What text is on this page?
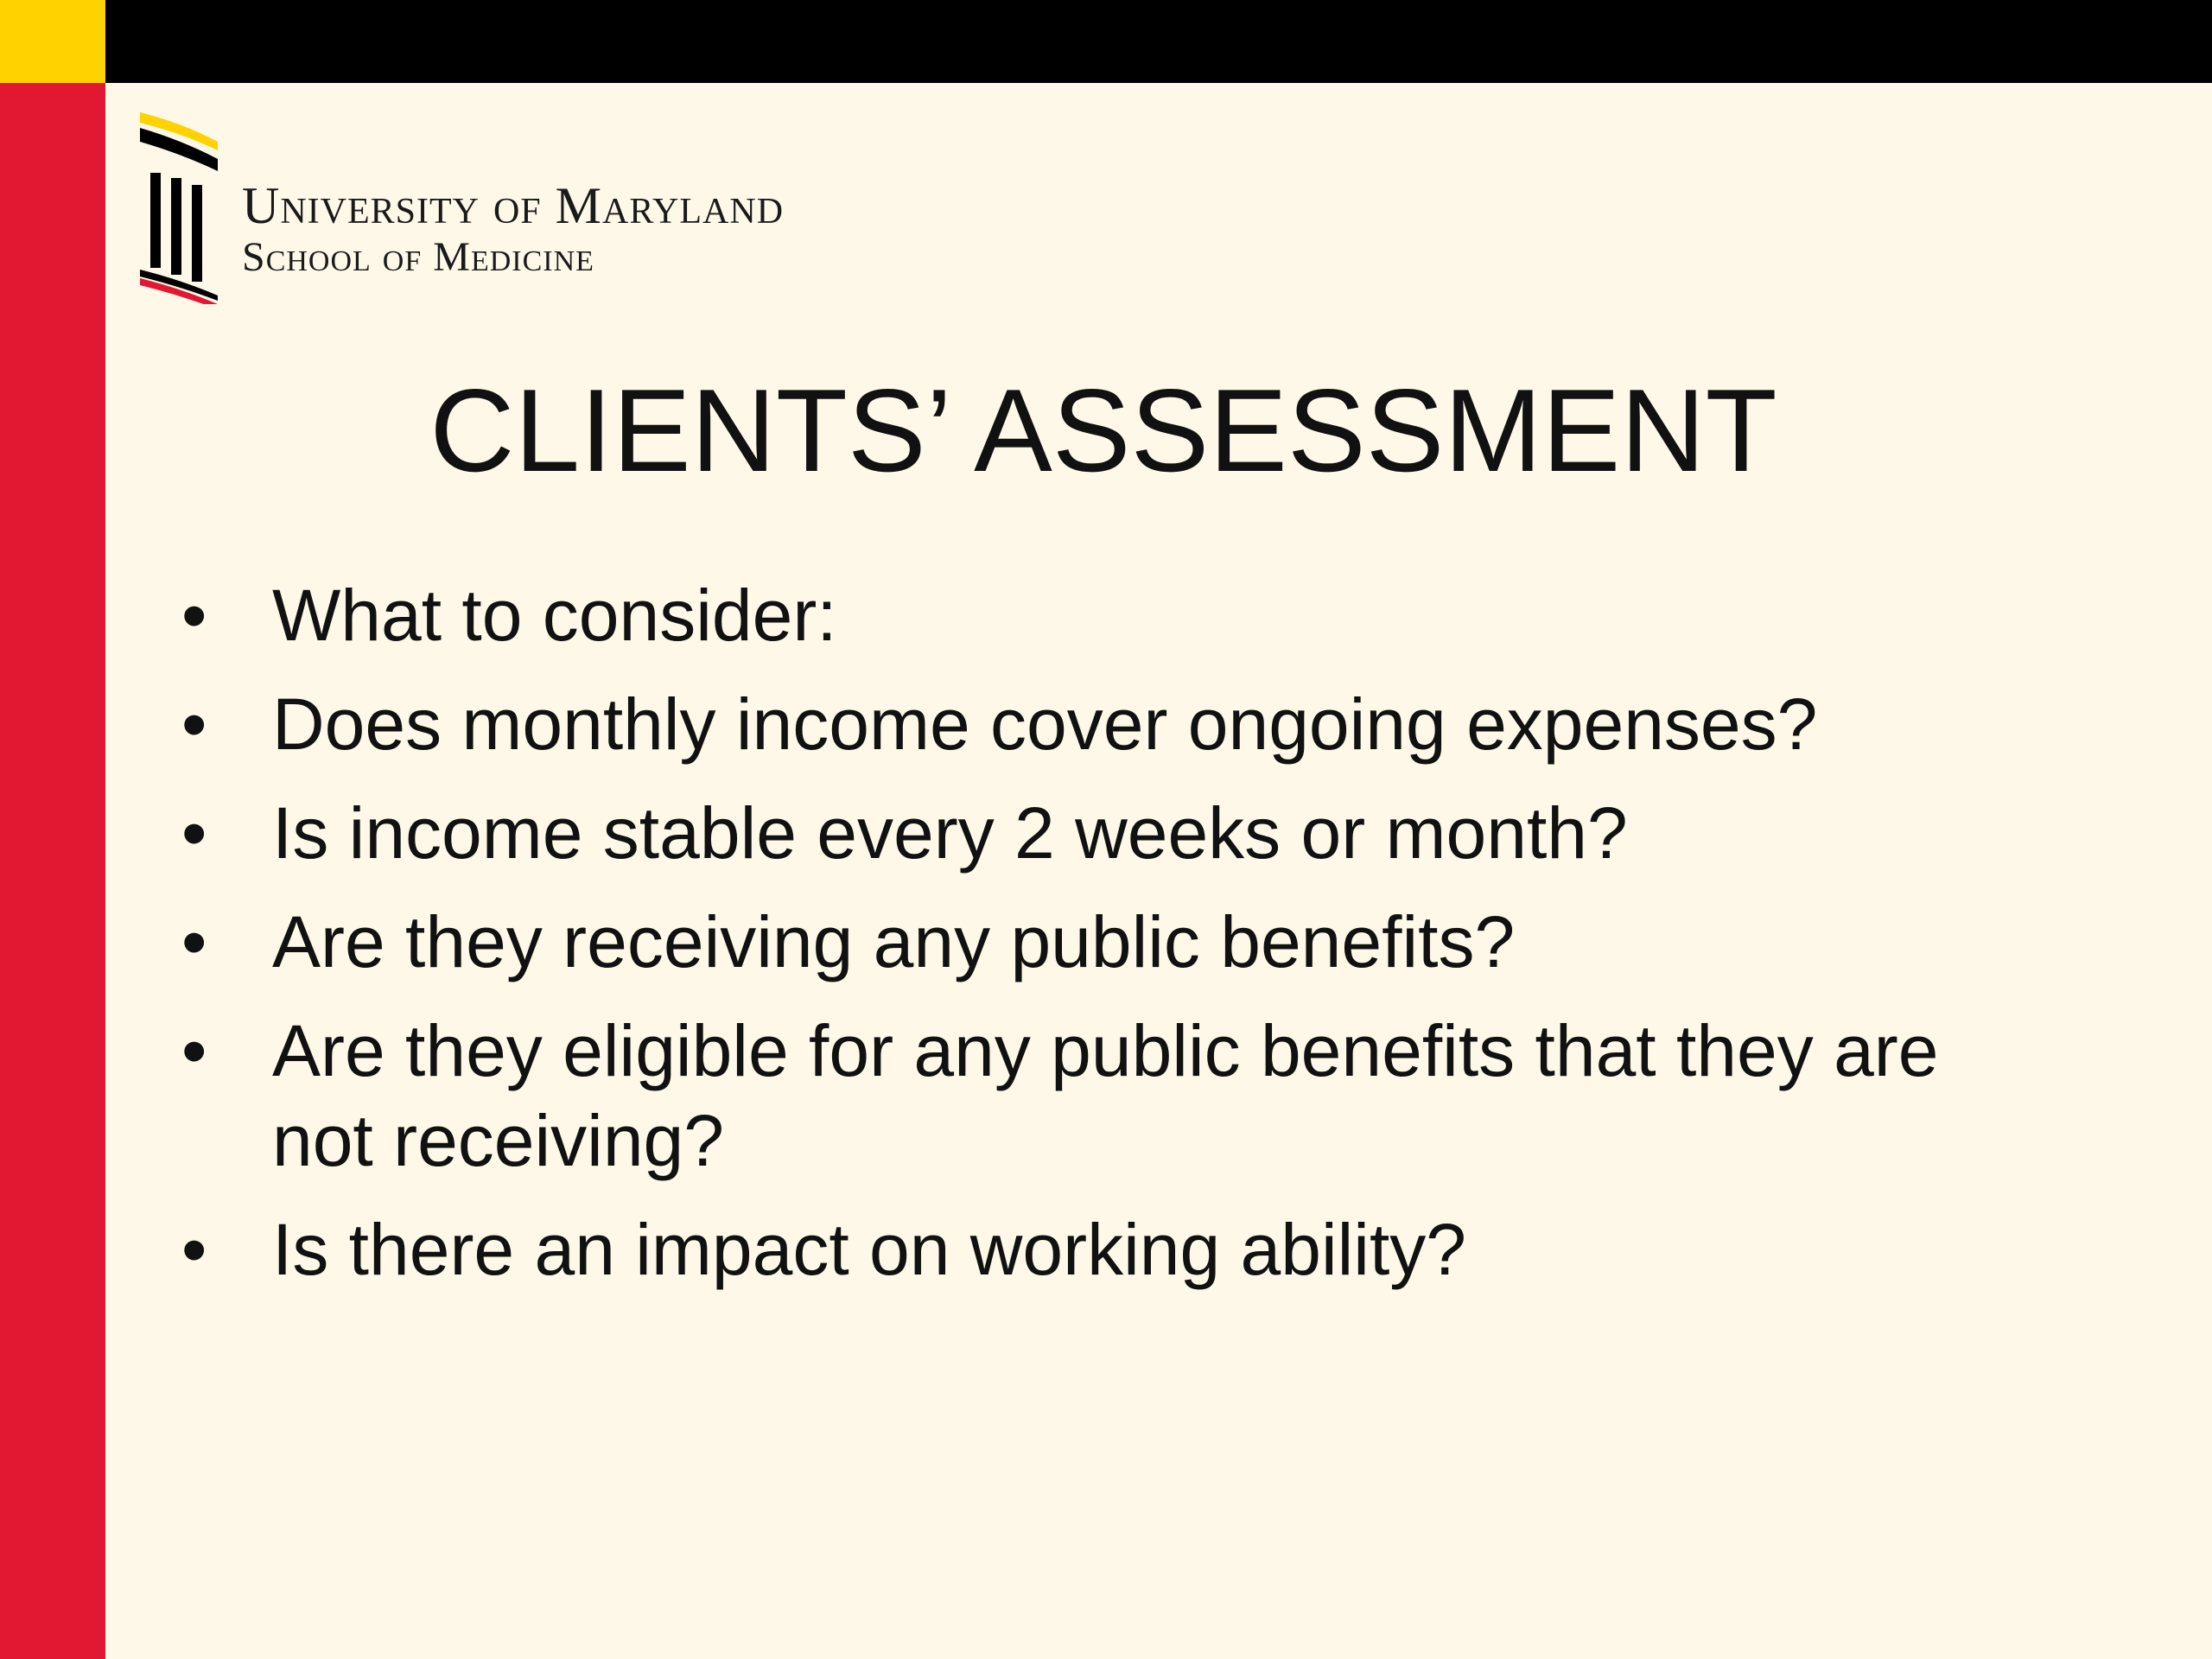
University of Maryland
School of Medicine
CLIENTS’ ASSESSMENT
• What to consider:
• Does monthly income cover ongoing expenses?
• Is income stable every 2 weeks or month?
• Are they receiving any public benefits?
• Are they eligible for any public benefits that they are not receiving?
• Is there an impact on working ability?
